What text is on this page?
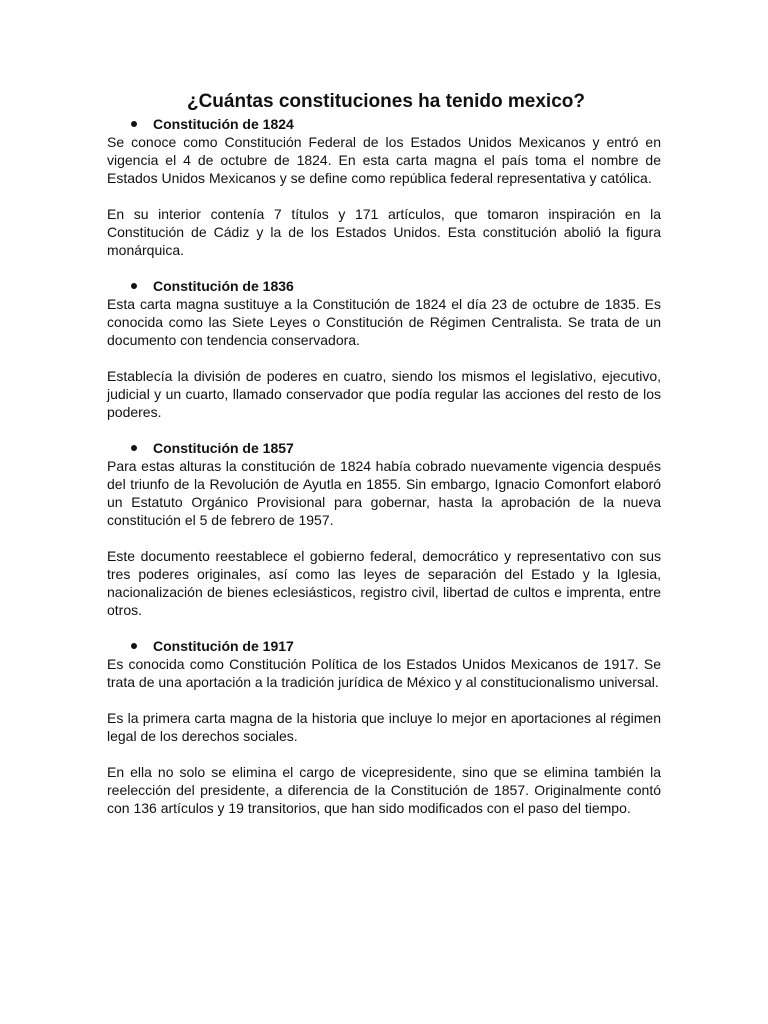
¿Cuántas constituciones ha tenido mexico?
Constitución de 1824

Se conoce como Constitución Federal de los Estados Unidos Mexicanos y entró en vigencia el 4 de octubre de 1824. En esta carta magna el país toma el nombre de Estados Unidos Mexicanos y se define como república federal representativa y católica.

En su interior contenía 7 títulos y 171 artículos, que tomaron inspiración en la Constitución de Cádiz y la de los Estados Unidos. Esta constitución abolió la figura monárquica.

Constitución de 1836

Esta carta magna sustituye a la Constitución de 1824 el día 23 de octubre de 1835. Es conocida como las Siete Leyes o Constitución de Régimen Centralista. Se trata de un documento con tendencia conservadora.

Establecía la división de poderes en cuatro, siendo los mismos el legislativo, ejecutivo, judicial y un cuarto, llamado conservador que podía regular las acciones del resto de los poderes.

Constitución de 1857

Para estas alturas la constitución de 1824 había cobrado nuevamente vigencia después del triunfo de la Revolución de Ayutla en 1855. Sin embargo, Ignacio Comonfort elaboró un Estatuto Orgánico Provisional para gobernar, hasta la aprobación de la nueva constitución el 5 de febrero de 1957.

Este documento reestablece el gobierno federal, democrático y representativo con sus tres poderes originales, así como las leyes de separación del Estado y la Iglesia, nacionalización de bienes eclesiásticos, registro civil, libertad de cultos e imprenta, entre otros.

Constitución de 1917

Es conocida como Constitución Política de los Estados Unidos Mexicanos de 1917. Se trata de una aportación a la tradición jurídica de México y al constitucionalismo universal.

Es la primera carta magna de la historia que incluye lo mejor en aportaciones al régimen legal de los derechos sociales.

En ella no solo se elimina el cargo de vicepresidente, sino que se elimina también la reelección del presidente, a diferencia de la Constitución de 1857. Originalmente contó con 136 artículos y 19 transitorios, que han sido modificados con el paso del tiempo.
